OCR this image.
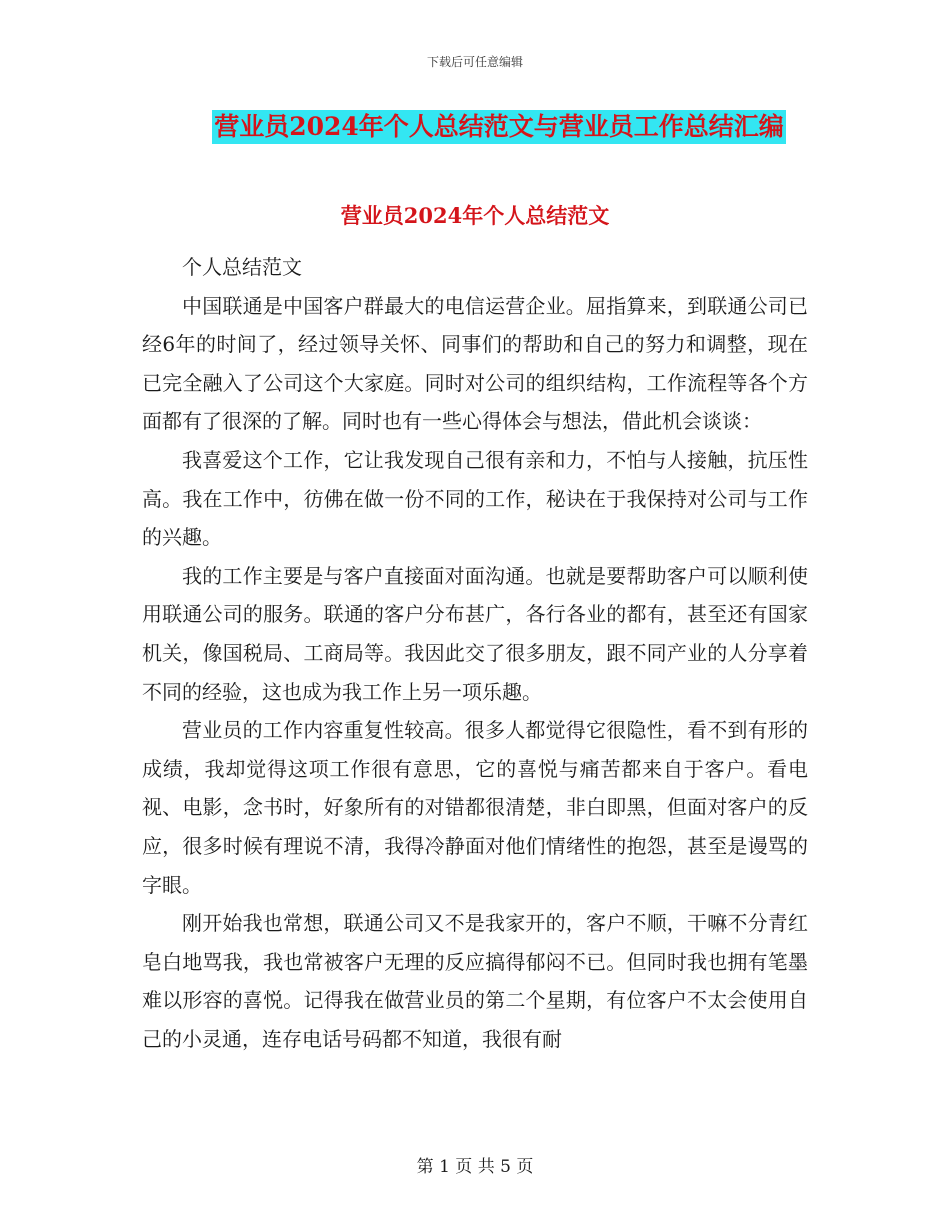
下载后可任意编辑
营业员2024年个人总结范文与营业员工作总结汇编
营业员2024年个人总结范文

个人总结范文

中国联通是中国客户群最大的电信运营企业。屈指算来，到联通公司已经6年的时间了，经过领导关怀、同事们的帮助和自己的努力和调整，现在已完全融入了公司这个大家庭。同时对公司的组织结构，工作流程等各个方面都有了很深的了解。同时也有一些心得体会与想法，借此机会谈谈：

我喜爱这个工作，它让我发现自己很有亲和力，不怕与人接触，抗压性高。我在工作中，彷佛在做一份不同的工作，秘诀在于我保持对公司与工作的兴趣。

我的工作主要是与客户直接面对面沟通。也就是要帮助客户可以顺利使用联通公司的服务。联通的客户分布甚广，各行各业的都有，甚至还有国家机关，像国税局、工商局等。我因此交了很多朋友，跟不同产业的人分享着不同的经验，这也成为我工作上另一项乐趣。

营业员的工作内容重复性较高。很多人都觉得它很隐性，看不到有形的成绩，我却觉得这项工作很有意思，它的喜悦与痛苦都来自于客户。看电视、电影，念书时，好象所有的对错都很清楚，非白即黑，但面对客户的反应，很多时候有理说不清，我得冷静面对他们情绪性的抱怨，甚至是谩骂的字眼。

刚开始我也常想，联通公司又不是我家开的，客户不顺，干嘛不分青红皂白地骂我，我也常被客户无理的反应搞得郁闷不已。但同时我也拥有笔墨难以形容的喜悦。记得我在做营业员的第二个星期，有位客户不太会使用自己的小灵通，连存电话号码都不知道，我很有耐

第 1 页 共 5 页
